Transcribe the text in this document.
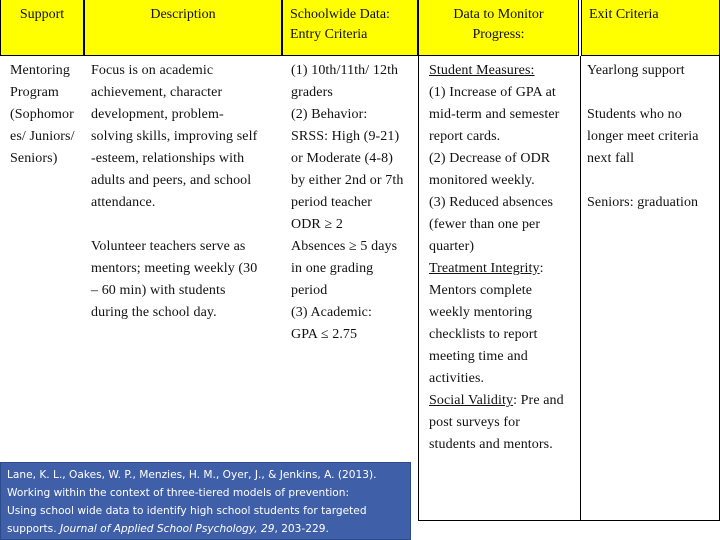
Support	Description	Schoolwide Data:
Entry Criteria
Data to Monitor
Progress:
Exit Criteria
Mentoring
Program
(Sophomor
es/ Juniors/
Seniors)
Focus is on academic
achievement, character
development, problem-
solving skills, improving self
-esteem, relationships with
adults and peers, and school
attendance.
Volunteer teachers serve as
mentors; meeting weekly (30
– 60 min) with students
during the school day.
(1) 10th/11th/ 12th
graders
(2) Behavior:
SRSS: High (9-21)
or Moderate (4-8)
by either 2nd or 7th
period teacher
ODR ≥ 2
Absences ≥ 5 days
in one grading
period
(3) Academic:
GPA ≤ 2.75
Student Measures:
(1) Increase of GPA at
mid-term and semester
report cards.
(2) Decrease of ODR
monitored weekly.
(3) Reduced absences
(fewer than one per
quarter)
Treatment Integrity:
Mentors complete
weekly mentoring
checklists to report
meeting time and
activities.
Social Validity: Pre and
post surveys for
students and mentors.
Yearlong support
Students who no
longer meet criteria
next fall
Seniors: graduation
Lane, K. L., Oakes, W. P., Menzies, H. M., Oyer, J., & Jenkins, A. (2013).
Working within the context of three-tiered models of prevention:
Using school wide data to identify high school students for targeted
supports. Journal of Applied School Psychology, 29, 203-229.
